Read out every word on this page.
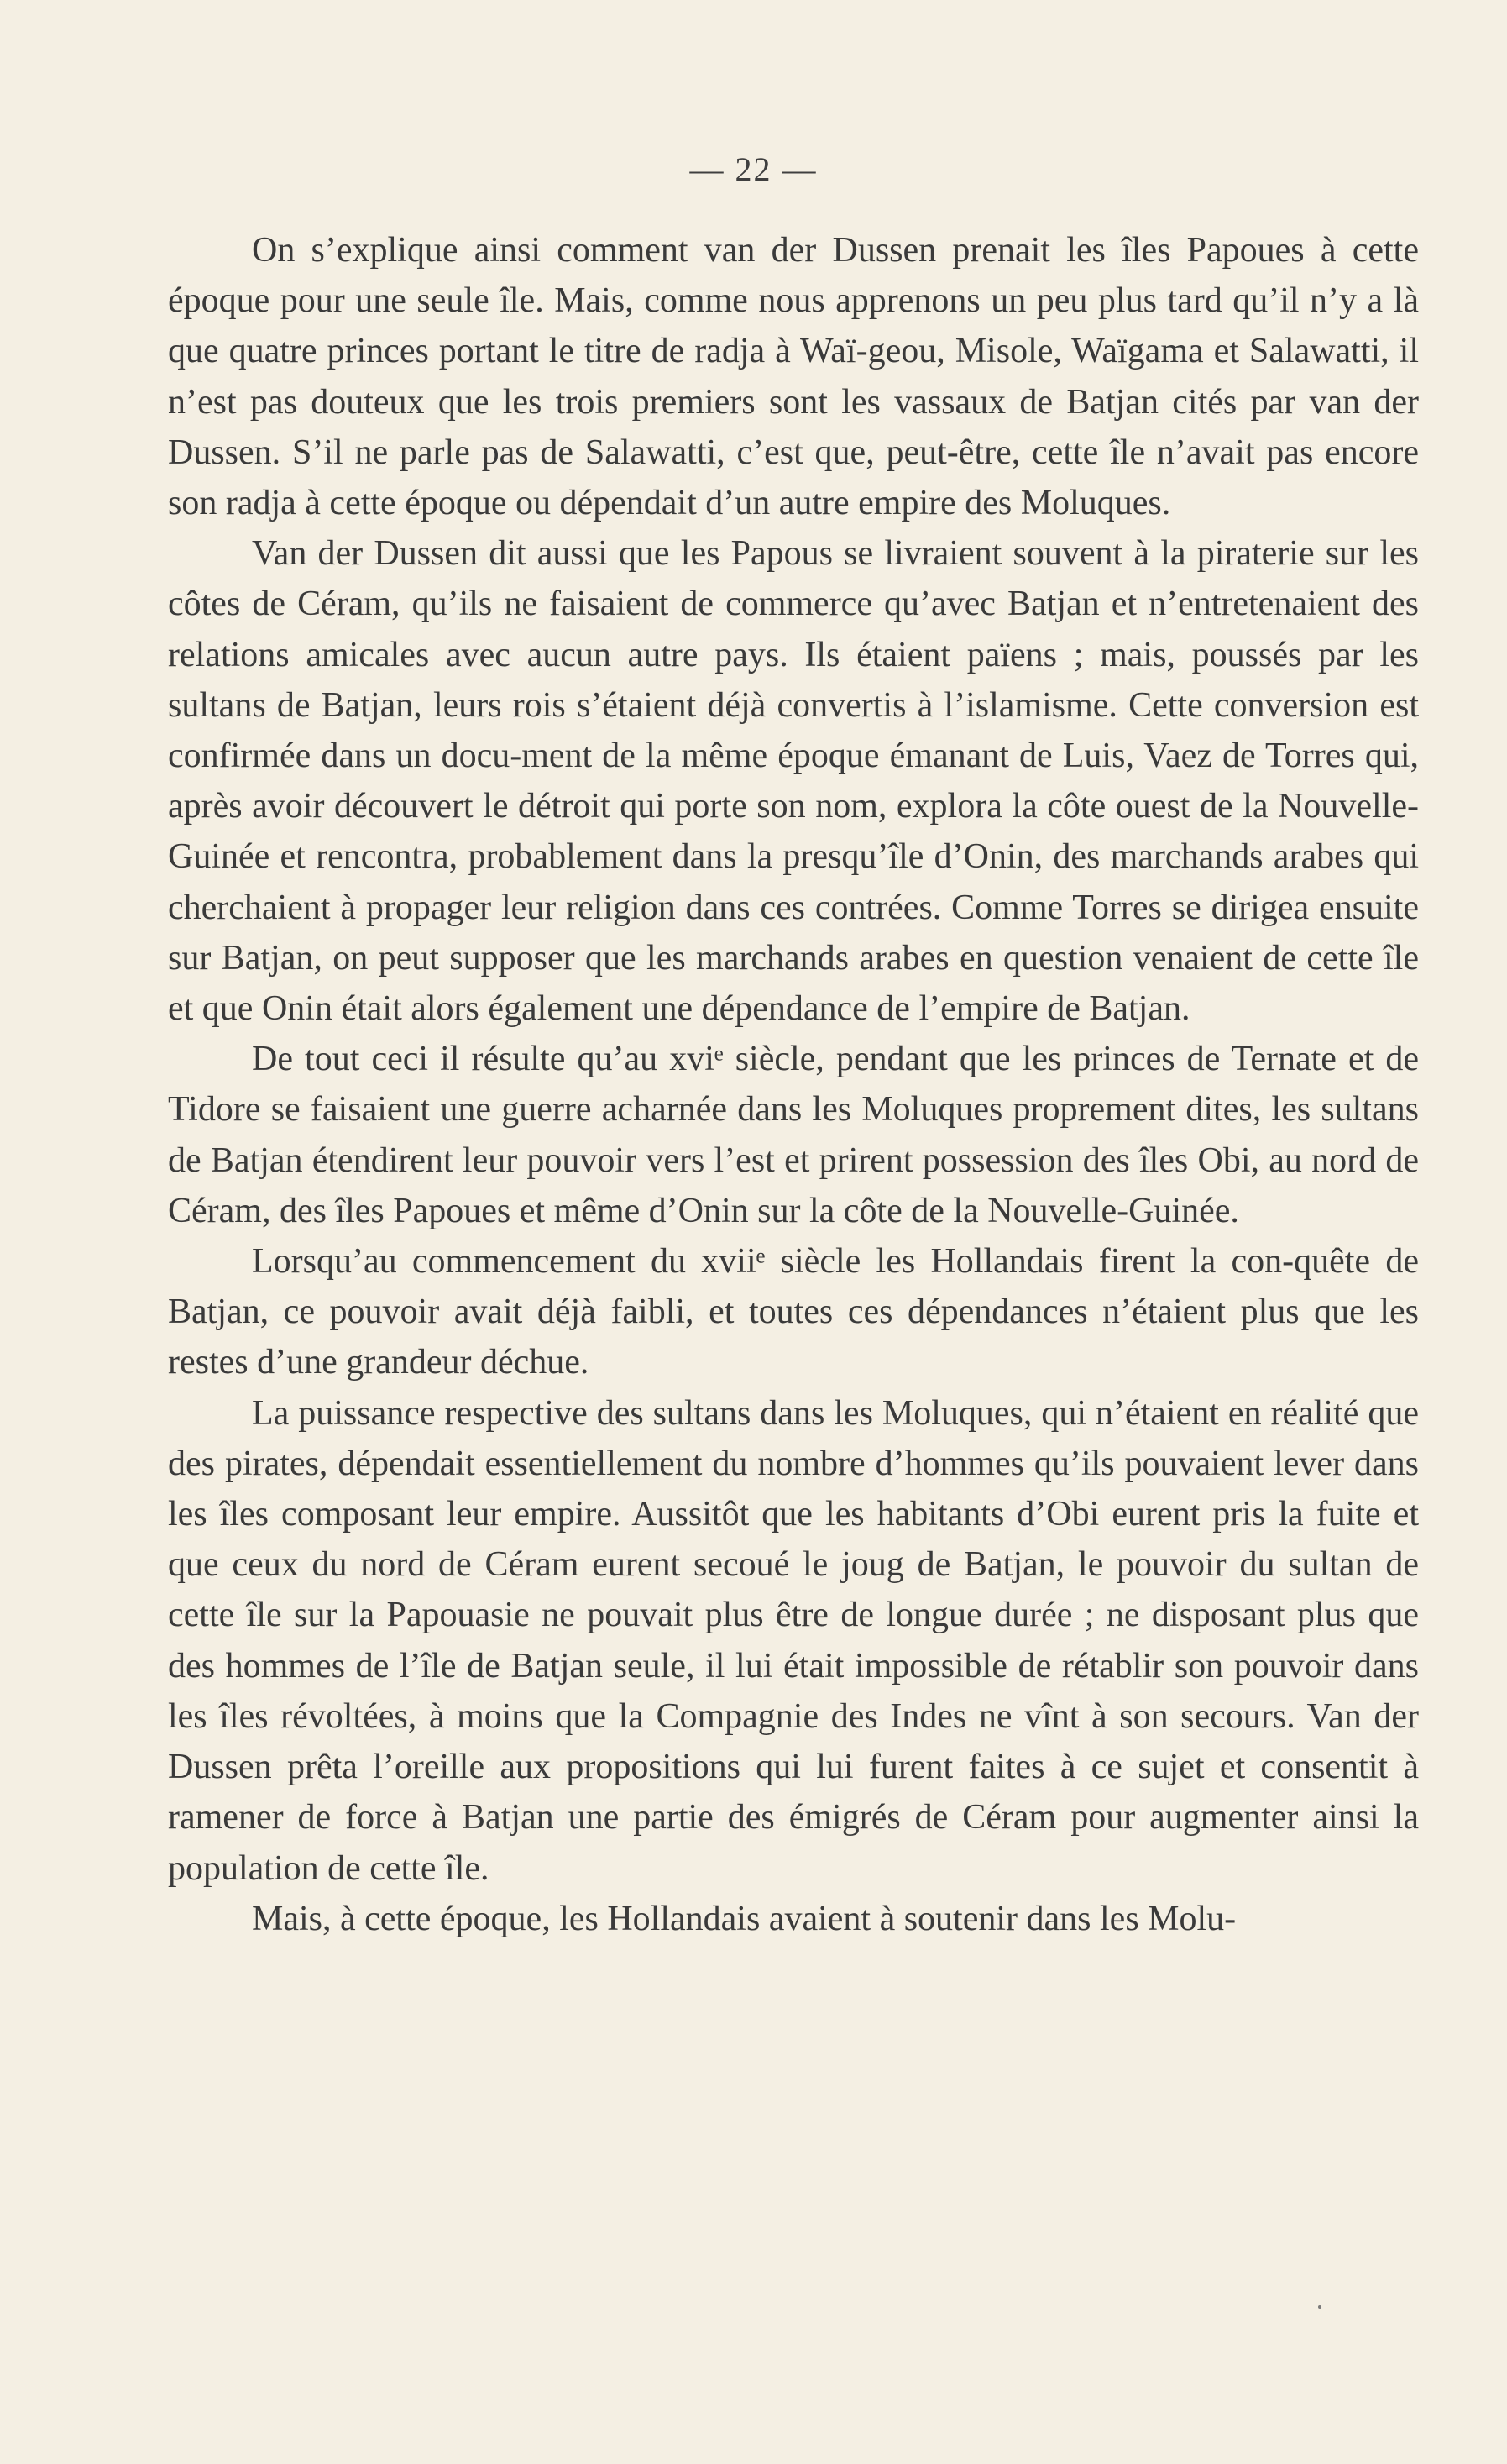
— 22 —

On s’explique ainsi comment van der Dussen prenait les îles Papoues à cette époque pour une seule île. Mais, comme nous apprenons un peu plus tard qu’il n’y a là que quatre princes portant le titre de radja à Waï-geou, Misole, Waïgama et Salawatti, il n’est pas douteux que les trois premiers sont les vassaux de Batjan cités par van der Dussen. S’il ne parle pas de Salawatti, c’est que, peut-être, cette île n’avait pas encore son radja à cette époque ou dépendait d’un autre empire des Moluques.

Van der Dussen dit aussi que les Papous se livraient souvent à la piraterie sur les côtes de Céram, qu’ils ne faisaient de commerce qu’avec Batjan et n’entretenaient des relations amicales avec aucun autre pays. Ils étaient païens ; mais, poussés par les sultans de Batjan, leurs rois s’étaient déjà convertis à l’islamisme. Cette conversion est confirmée dans un docu-ment de la même époque émanant de Luis, Vaez de Torres qui, après avoir découvert le détroit qui porte son nom, explora la côte ouest de la Nouvelle-Guinée et rencontra, probablement dans la presqu’île d’Onin, des marchands arabes qui cherchaient à propager leur religion dans ces contrées. Comme Torres se dirigea ensuite sur Batjan, on peut supposer que les marchands arabes en question venaient de cette île et que Onin était alors également une dépendance de l’empire de Batjan.

De tout ceci il résulte qu’au xviᵉ siècle, pendant que les princes de Ternate et de Tidore se faisaient une guerre acharnée dans les Moluques proprement dites, les sultans de Batjan étendirent leur pouvoir vers l’est et prirent possession des îles Obi, au nord de Céram, des îles Papoues et même d’Onin sur la côte de la Nouvelle-Guinée.

Lorsqu’au commencement du xviiᵉ siècle les Hollandais firent la con-quête de Batjan, ce pouvoir avait déjà faibli, et toutes ces dépendances n’étaient plus que les restes d’une grandeur déchue.

La puissance respective des sultans dans les Moluques, qui n’étaient en réalité que des pirates, dépendait essentiellement du nombre d’hommes qu’ils pouvaient lever dans les îles composant leur empire. Aussitôt que les habitants d’Obi eurent pris la fuite et que ceux du nord de Céram eurent secoué le joug de Batjan, le pouvoir du sultan de cette île sur la Papouasie ne pouvait plus être de longue durée ; ne disposant plus que des hommes de l’île de Batjan seule, il lui était impossible de rétablir son pouvoir dans les îles révoltées, à moins que la Compagnie des Indes ne vînt à son secours. Van der Dussen prêta l’oreille aux propositions qui lui furent faites à ce sujet et consentit à ramener de force à Batjan une partie des émigrés de Céram pour augmenter ainsi la population de cette île.

Mais, à cette époque, les Hollandais avaient à soutenir dans les Molu-
